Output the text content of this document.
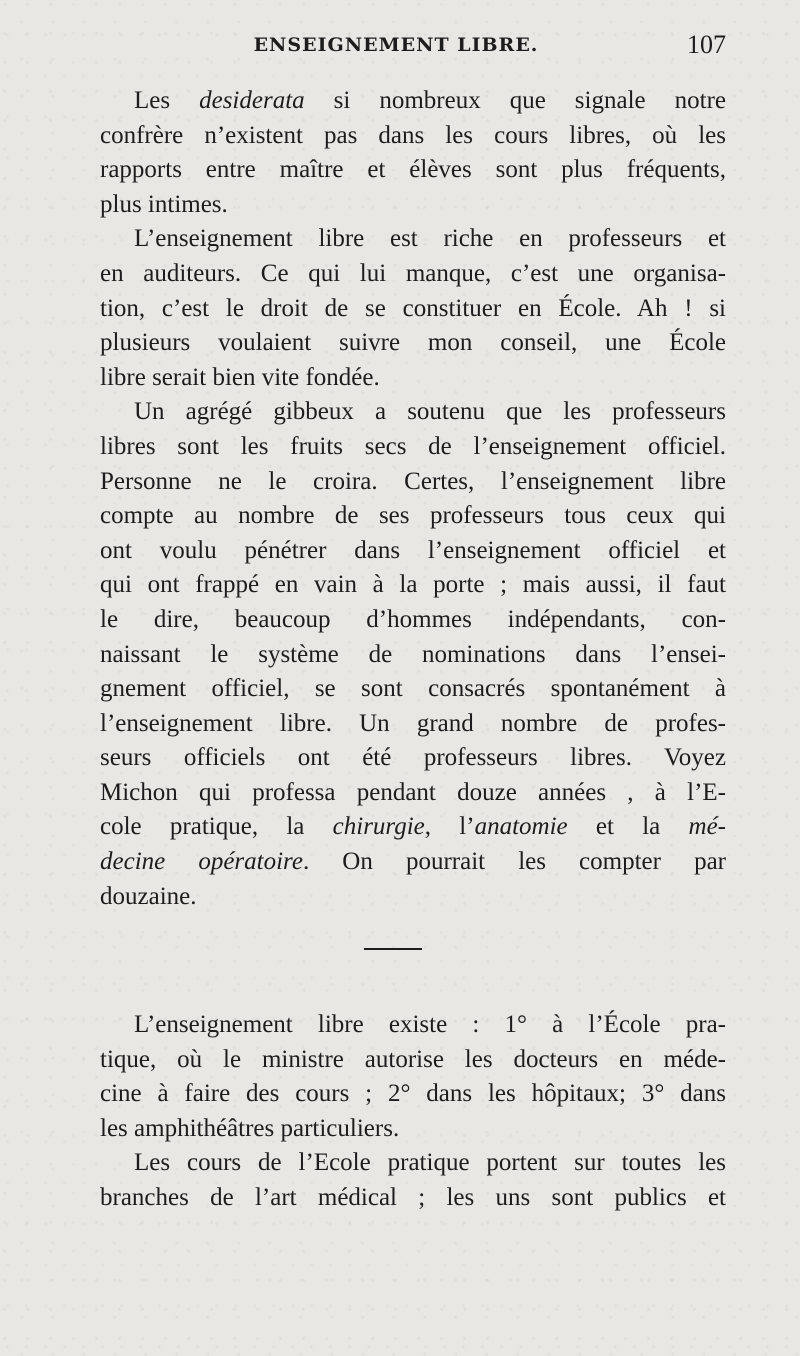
ENSEIGNEMENT LIBRE.	107
Les desiderata si nombreux que signale notre
confrère n’existent pas dans les cours libres, où les
rapports entre maître et élèves sont plus fréquents,
plus intimes.
L’enseignement libre est riche en professeurs et
en auditeurs. Ce qui lui manque, c’est une organisa-
tion, c’est le droit de se constituer en École. Ah ! si
plusieurs voulaient suivre mon conseil, une École
libre serait bien vite fondée.
Un agrégé gibbeux a soutenu que les professeurs
libres sont les fruits secs de l’enseignement officiel.
Personne ne le croira. Certes, l’enseignement libre
compte au nombre de ses professeurs tous ceux qui
ont voulu pénétrer dans l’enseignement officiel et
qui ont frappé en vain à la porte ; mais aussi, il faut
le dire, beaucoup d’hommes indépendants, con-
naissant le système de nominations dans l’ensei-
gnement officiel, se sont consacrés spontanément à
l’enseignement libre. Un grand nombre de profes-
seurs officiels ont été professeurs libres. Voyez
Michon qui professa pendant douze années , à l’E-
cole pratique, la chirurgie, l’anatomie et la mé-
decine opératoire. On pourrait les compter par
douzaine.
L’enseignement libre existe : 1° à l’École pra-
tique, où le ministre autorise les docteurs en méde-
cine à faire des cours ; 2° dans les hôpitaux; 3° dans
les amphithéâtres particuliers.
Les cours de l’Ecole pratique portent sur toutes les
branches de l’art médical ; les uns sont publics et
